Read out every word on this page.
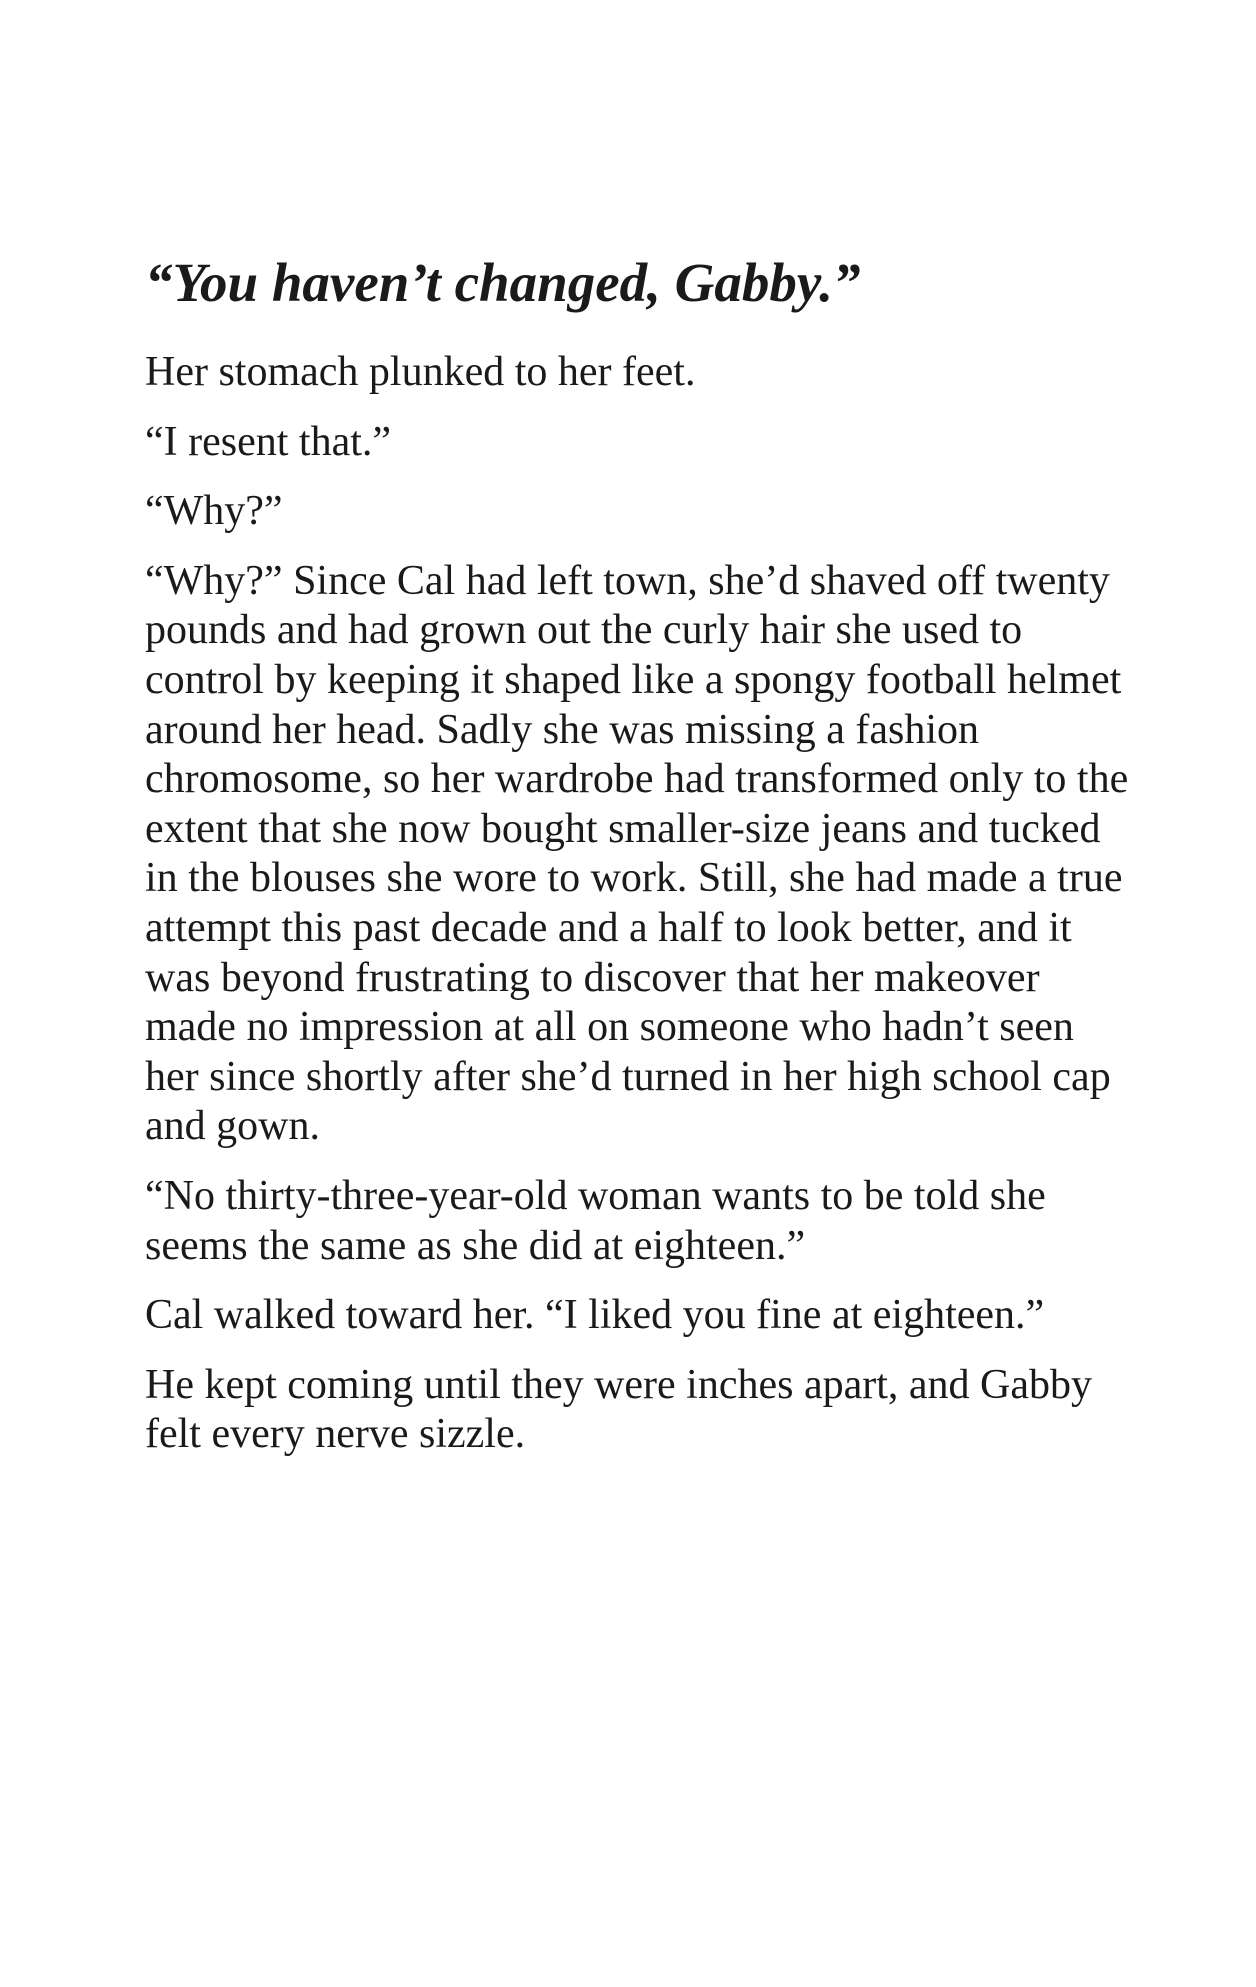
“You haven’t changed, Gabby.”

Her stomach plunked to her feet.

“I resent that.”

“Why?”

“Why?” Since Cal had left town, she’d shaved off twenty pounds and had grown out the curly hair she used to control by keeping it shaped like a spongy football helmet around her head. Sadly she was missing a fashion chromosome, so her wardrobe had transformed only to the extent that she now bought smaller-size jeans and tucked in the blouses she wore to work. Still, she had made a true attempt this past decade and a half to look better, and it was beyond frustrating to discover that her makeover made no impression at all on someone who hadn’t seen her since shortly after she’d turned in her high school cap and gown.

“No thirty-three-year-old woman wants to be told she seems the same as she did at eighteen.”

Cal walked toward her. “I liked you fine at eighteen.”

He kept coming until they were inches apart, and Gabby felt every nerve sizzle.
